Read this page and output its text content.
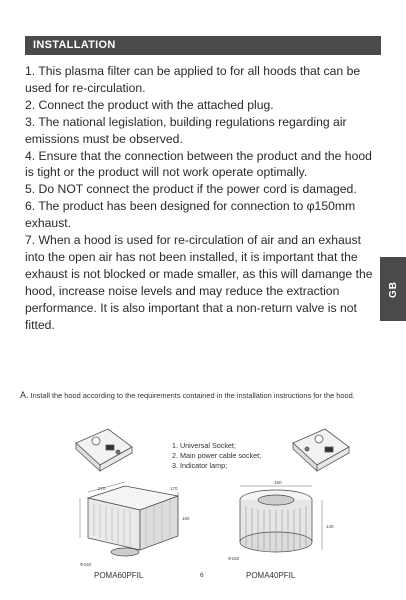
INSTALLATION

1. This plasma filter can be applied to for all hoods that can be used for re-circulation.

2. Connect the product with the attached plug.

3. The national legislation, building regulations regarding air emissions must be observed.

4. Ensure that the connection between the product and the hood is tight or the product will not work operate optimally.

5. Do NOT connect the product if the power cord is damaged.

6. The product has been designed for connection to φ150mm exhaust.

7. When a hood is used for re-circulation of air and an exhaust into the open air has not been installed, it is important that the exhaust is not blocked or made smaller, as this will damange the hood, increase noise levels and may reduce the extraction performance. It is also important that a non-return valve is not fitted.

GB
A. Install the hood according to the requirements contained in the installation instructions for the hood.
1. Universal Socket;
2. Main power cable socket;
3. Indicator lamp;
Φ150
270	170
160
160
140
Φ150
POMA60PFIL	6	POMA40PFIL
